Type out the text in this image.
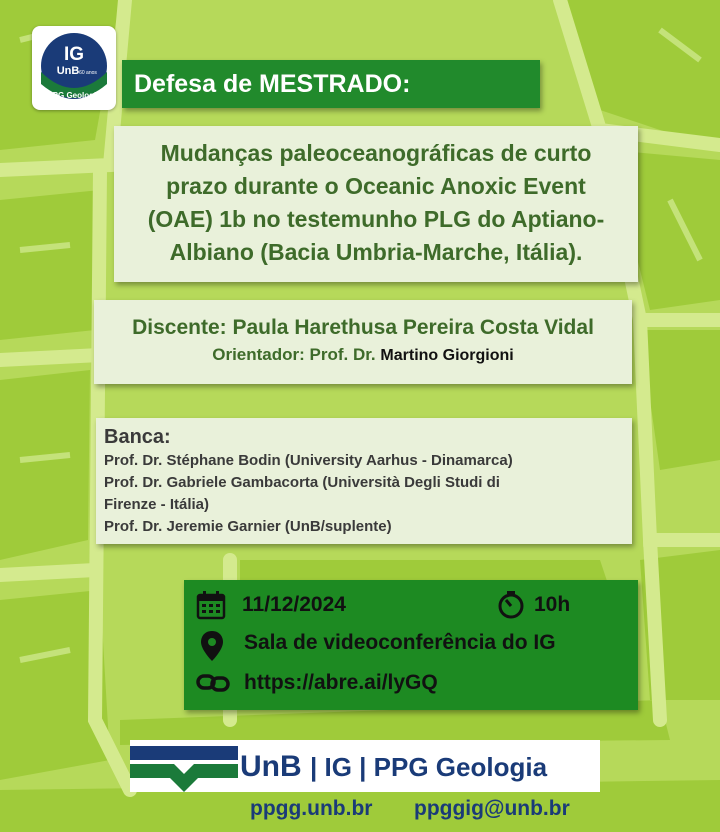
IG
UnB 60 anos
PPG Geologia	Defesa de MESTRADO:
Mudanças paleoceanográficas de curto
prazo durante o Oceanic Anoxic Event
(OAE) 1b no testemunho PLG do Aptiano-
Albiano (Bacia Umbria-Marche, Itália).
Discente: Paula Harethusa Pereira Costa Vidal
Orientador: Prof. Dr. Martino Giorgioni
Banca:
Prof. Dr. Stéphane Bodin (University Aarhus - Dinamarca)
Prof. Dr. Gabriele Gambacorta (Università Degli Studi di
Firenze - Itália)
Prof. Dr. Jeremie Garnier (UnB/suplente)
11/12/2024	10h
Sala de videoconferência do IG
https://abre.ai/lyGQ
UnB | IG | PPG Geologia
ppgg.unb.br ppggig@unb.br
